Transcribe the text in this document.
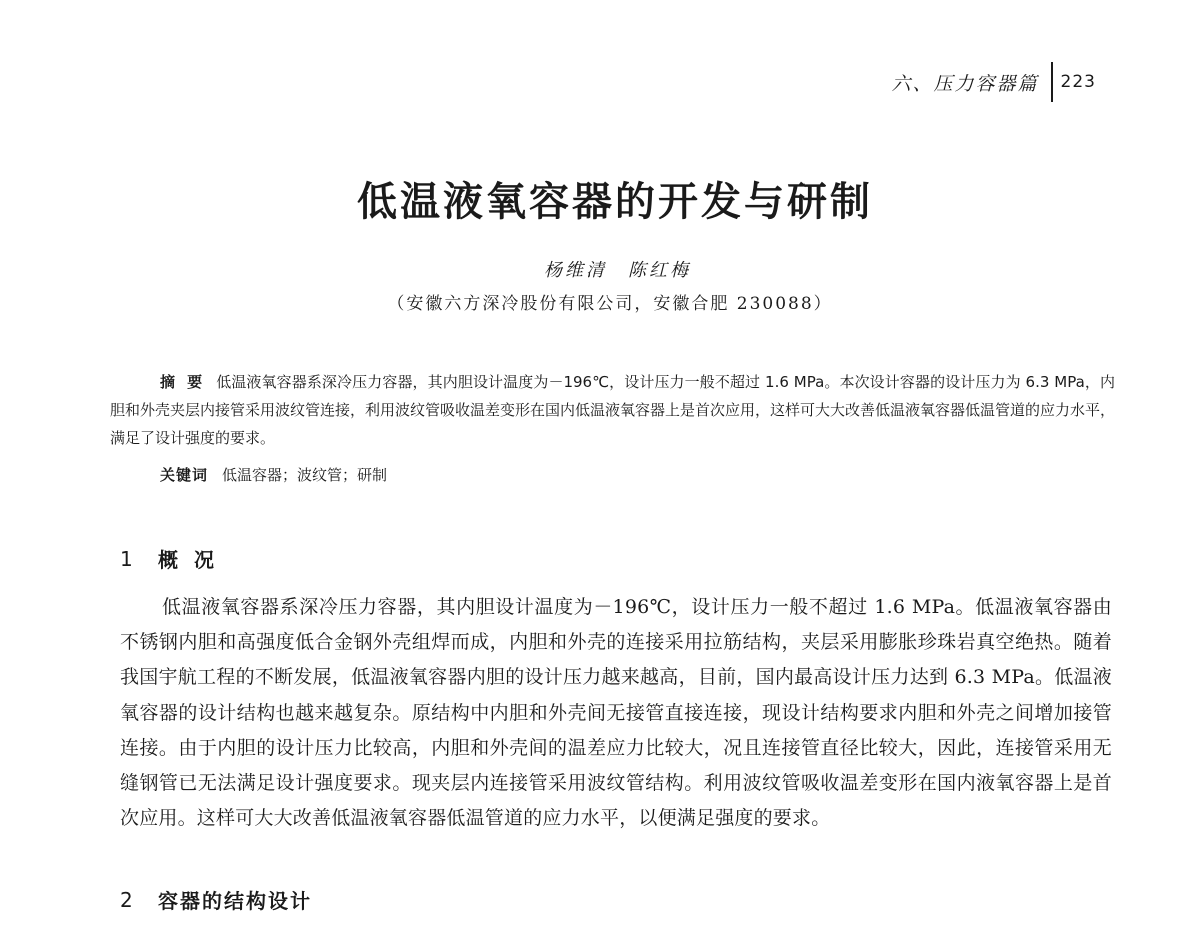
六、压力容器篇	223
低温液氧容器的开发与研制
杨维清　陈红梅
（安徽六方深冷股份有限公司，安徽合肥 230088）
摘要 低温液氧容器系深冷压力容器，其内胆设计温度为－196℃，设计压力一般不超过 1.6 MPa。本次设计容器的设计压力为 6.3 MPa，内胆和外壳夹层内接管采用波纹管连接，利用波纹管吸收温差变形在国内低温液氧容器上是首次应用，这样可大大改善低温液氧容器低温管道的应力水平，满足了设计强度的要求。
关键词 低温容器；波纹管；研制
1	概况
低温液氧容器系深冷压力容器，其内胆设计温度为－196℃，设计压力一般不超过 1.6 MPa。低温液氧容器由不锈钢内胆和高强度低合金钢外壳组焊而成，内胆和外壳的连接采用拉筋结构，夹层采用膨胀珍珠岩真空绝热。随着我国宇航工程的不断发展，低温液氧容器内胆的设计压力越来越高，目前，国内最高设计压力达到 6.3 MPa。低温液氧容器的设计结构也越来越复杂。原结构中内胆和外壳间无接管直接连接，现设计结构要求内胆和外壳之间增加接管连接。由于内胆的设计压力比较高，内胆和外壳间的温差应力比较大，况且连接管直径比较大，因此，连接管采用无缝钢管已无法满足设计强度要求。现夹层内连接管采用波纹管结构。利用波纹管吸收温差变形在国内液氧容器上是首次应用。这样可大大改善低温液氧容器低温管道的应力水平，以便满足强度的要求。
2	容器的结构设计
